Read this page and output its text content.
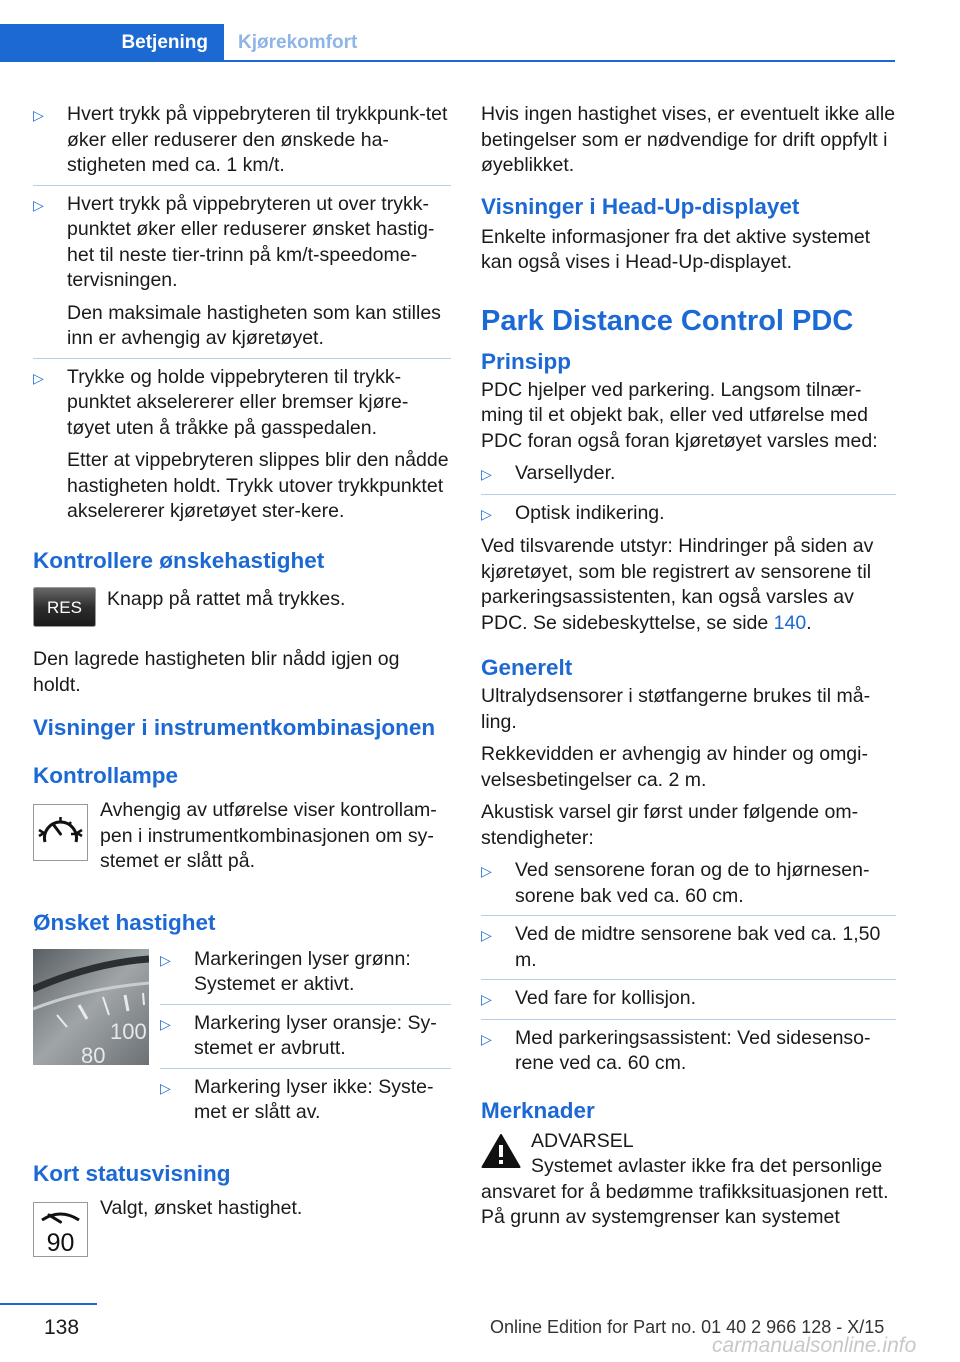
Betjening Kjørekomfort
▷	Hvert trykk på vippebryteren til trykkpunk-tet øker eller reduserer den ønskede ha-stigheten med ca. 1 km/t.
▷	Hvert trykk på vippebryteren ut over trykk-punktet øker eller reduserer ønsket hastig-het til neste tier-trinn på km/t-speedome-tervisningen.

Den maksimale hastigheten som kan stilles inn er avhengig av kjøretøyet.

▷	Trykke og holde vippebryteren til trykk-punktet akselererer eller bremser kjøre-tøyet uten å tråkke på gasspedalen.

Etter at vippebryteren slippes blir den nådde hastigheten holdt. Trykk utover trykkpunktet akselererer kjøretøyet ster-kere.

Kontrollere ønskehastighet
RES	Knapp på rattet må trykkes.

Den lagrede hastigheten blir nådd igjen og holdt.

Visninger i instrumentkombinasjonen
Kontrollampe
Avhengig av utførelse viser kontrollam-pen i instrumentkombinasjonen om sy-stemet er slått på.
Ønsket hastighet
100
80
▷	Markeringen lyser grønn: Systemet er aktivt.
▷	Markering lyser oransje: Sy-stemet er avbrutt.
▷	Markering lyser ikke: Syste-met er slått av.
Kort statusvisning
90
Valgt, ønsket hastighet.

Hvis ingen hastighet vises, er eventuelt ikke alle betingelser som er nødvendige for drift oppfylt i øyeblikket.

Visninger i Head-Up-displayet

Enkelte informasjoner fra det aktive systemet kan også vises i Head-Up-displayet.

Park Distance Control PDC
Prinsipp

PDC hjelper ved parkering. Langsom tilnær-ming til et objekt bak, eller ved utførelse med PDC foran også foran kjøretøyet varsles med:

▷	Varsellyder.
▷	Optisk indikering.

Ved tilsvarende utstyr: Hindringer på siden av kjøretøyet, som ble registrert av sensorene til parkeringsassistenten, kan også varsles av PDC. Se sidebeskyttelse, se side 140.

Generelt

Ultralydsensorer i støtfangerne brukes til må-ling.

Rekkevidden er avhengig av hinder og omgi-velsesbetingelser ca. 2 m.

Akustisk varsel gir først under følgende om-stendigheter:

▷	Ved sensorene foran og de to hjørnesen-sorene bak ved ca. 60 cm.
▷	Ved de midtre sensorene bak ved ca. 1,50 m.
▷	Ved fare for kollisjon.
▷	Med parkeringsassistent: Ved sidesenso-rene ved ca. 60 cm.
Merknader
ADVARSEL
Systemet avlaster ikke fra det personlige

ansvaret for å bedømme trafikksituasjonen rett. På grunn av systemgrenser kan systemet

138	Online Edition for Part no. 01 40 2 966 128 - X/15
carmanualsonline.info
